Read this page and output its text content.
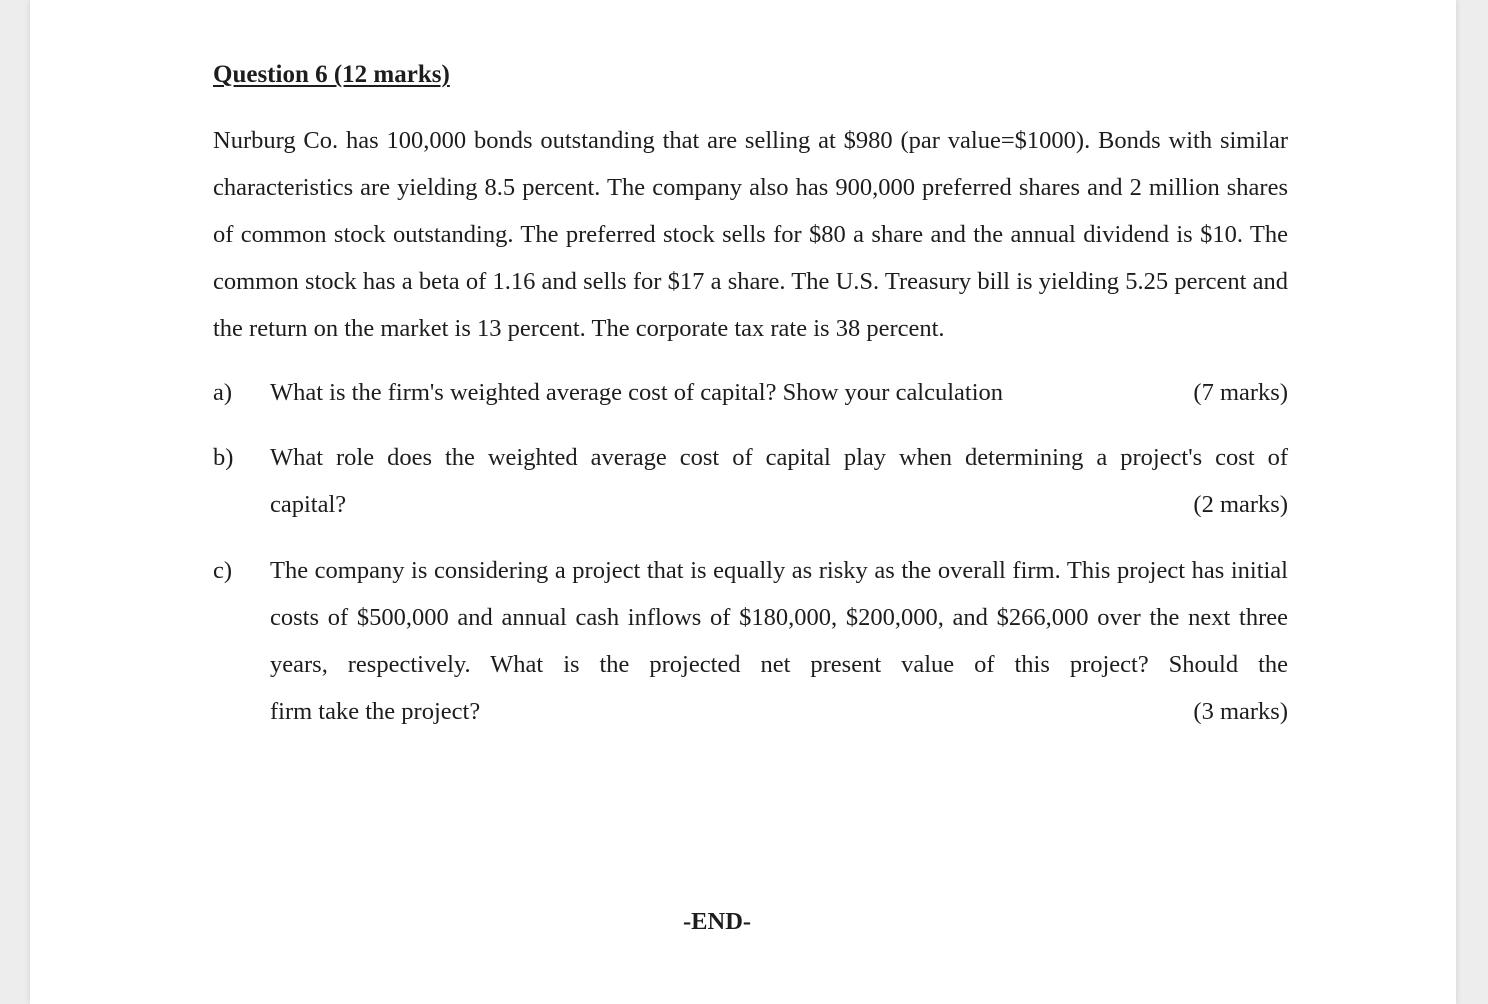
Question 6 (12 marks)

Nurburg Co. has 100,000 bonds outstanding that are selling at $980 (par value=$1000). Bonds with similar characteristics are yielding 8.5 percent. The company also has 900,000 preferred shares and 2 million shares of common stock outstanding. The preferred stock sells for $80 a share and the annual dividend is $10. The common stock has a beta of 1.16 and sells for $17 a share. The U.S. Treasury bill is yielding 5.25 percent and the return on the market is 13 percent. The corporate tax rate is 38 percent.

a) What is the firm's weighted average cost of capital? Show your calculation	(7 marks)
b) What role does the weighted average cost of capital play when determining a project's cost of
capital?	(2 marks)
c) The company is considering a project that is equally as risky as the overall firm. This project has initial costs of $500,000 and annual cash inflows of $180,000, $200,000, and $266,000 over the next three years, respectively. What is the projected net present value of this project? Should the
firm take the project?	(3 marks)
-END-
